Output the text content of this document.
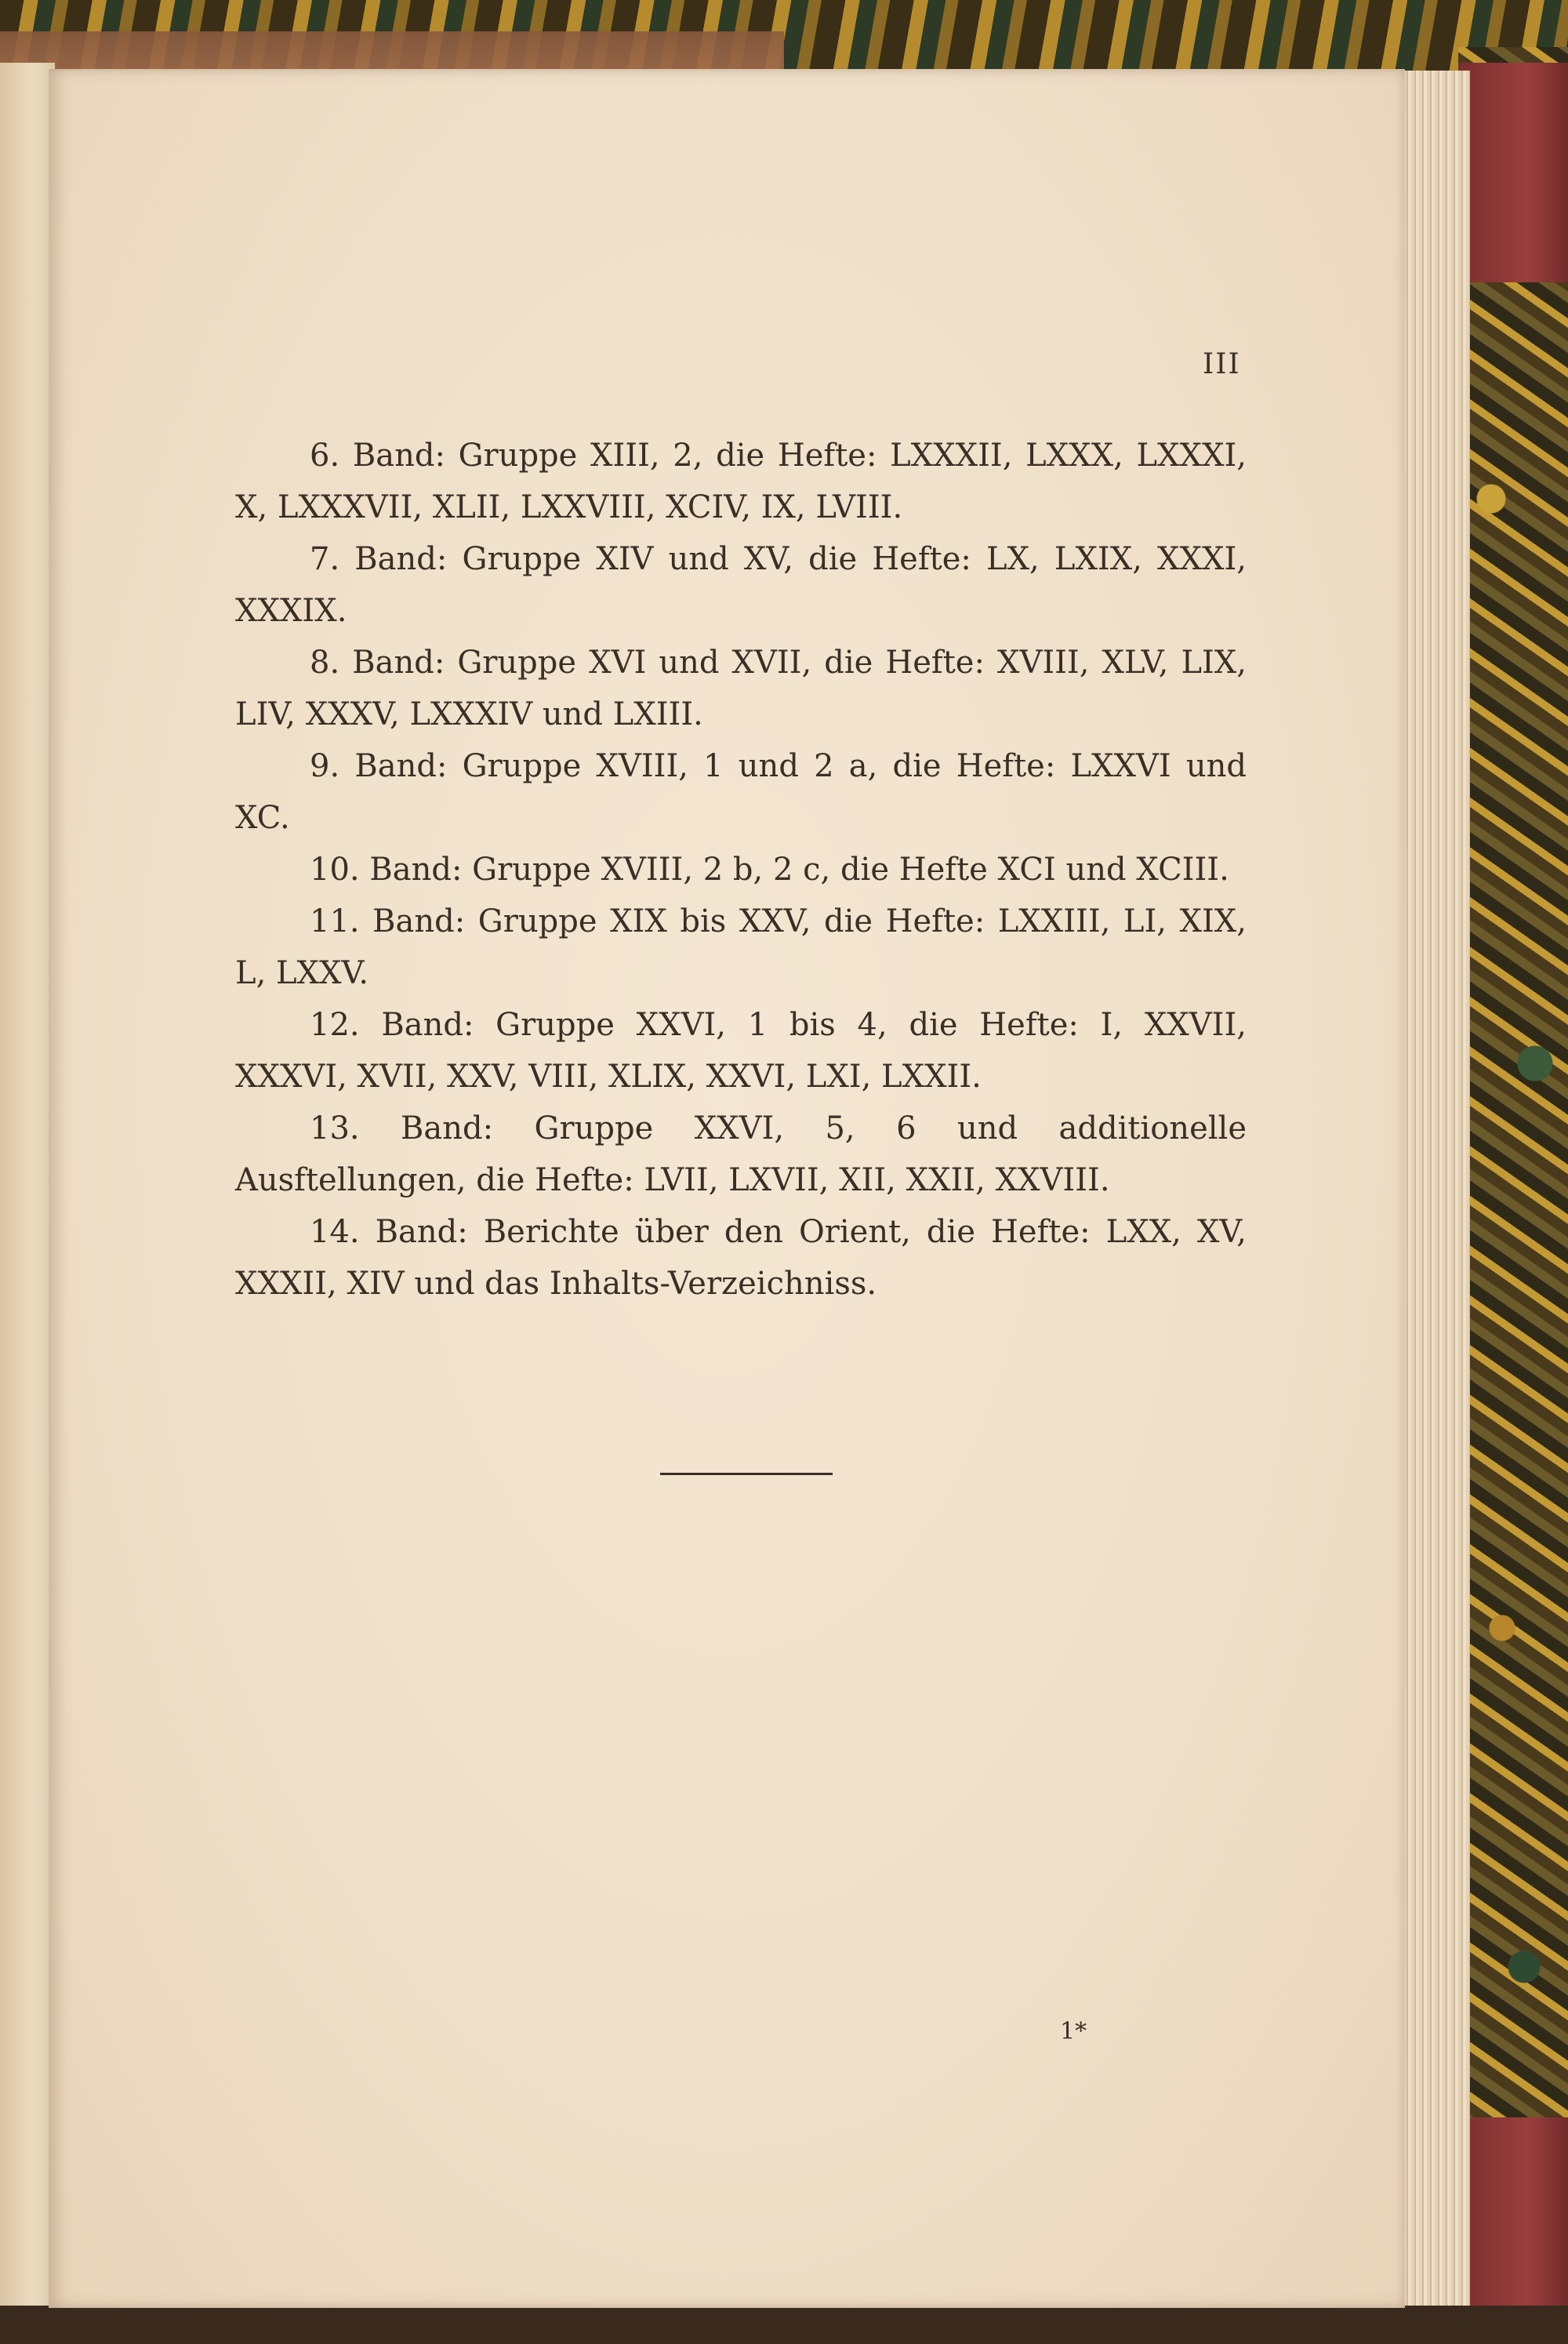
III

6. Band: Gruppe XIII, 2, die Hefte: LXXXII, LXXX, LXXXI, X, LXXXVII, XLII, LXXVIII, XCIV, IX, LVIII.

7. Band: Gruppe XIV und XV, die Hefte: LX, LXIX, XXXI, XXXIX.

8. Band: Gruppe XVI und XVII, die Hefte: XVIII, XLV, LIX, LIV, XXXV, LXXXIV und LXIII.

9. Band: Gruppe XVIII, 1 und 2 a, die Hefte: LXXVI und XC.

10. Band: Gruppe XVIII, 2 b, 2 c, die Hefte XCI und XCIII.

11. Band: Gruppe XIX bis XXV, die Hefte: LXXIII, LI, XIX, L, LXXV.

12. Band: Gruppe XXVI, 1 bis 4, die Hefte: I, XXVII, XXXVI, XVII, XXV, VIII, XLIX, XXVI, LXI, LXXII.

13. Band: Gruppe XXVI, 5, 6 und additionelle Ausftellungen, die Hefte: LVII, LXVII, XII, XXII, XXVIII.

14. Band: Berichte über den Orient, die Hefte: LXX, XV, XXXII, XIV und das Inhalts-Verzeichniss.

1*
